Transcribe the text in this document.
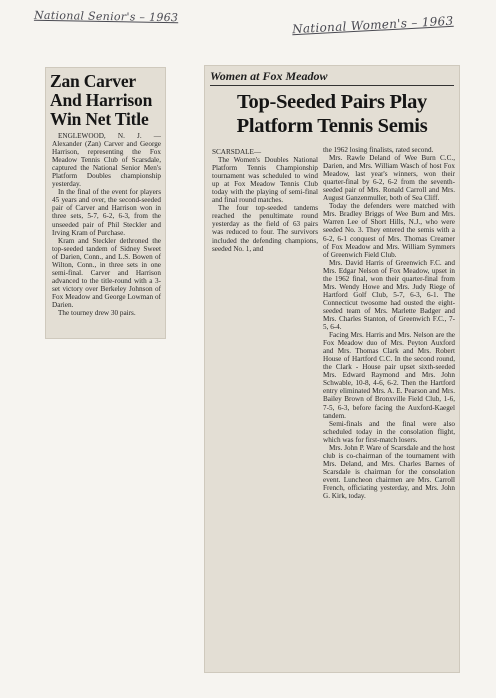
National Senior's – 1963	National Women's – 1963
Zan Carver And Harrison Win Net Title

ENGLEWOOD, N. J. — Alexander (Zan) Carver and George Harrison, representing the Fox Meadow Tennis Club of Scarsdale, captured the National Senior Men's Platform Doubles championship yesterday.

In the final of the event for players 45 years and over, the second-seeded pair of Carver and Harrison won in three sets, 5-7, 6-2, 6-3, from the unseeded pair of Phil Steckler and Irving Kram of Purchase.

Kram and Steckler dethroned the top-seeded tandem of Sidney Sweet of Darien, Conn., and L.S. Bowen of Wilton, Conn., in three sets in one semi-final. Carver and Harrison advanced to the title-round with a 3-set victory over Berkeley Johnson of Fox Meadow and George Lowman of Darien.

The tourney drew 30 pairs.

Women at Fox Meadow
Top-Seeded Pairs Play Platform Tennis Semis

SCARSDALE—

The Women's Doubles National Platform Tennis Championship tournament was scheduled to wind up at Fox Meadow Tennis Club today with the playing of semi-final and final round matches.

The four top-seeded tandems reached the penultimate round yesterday as the field of 63 pairs was reduced to four. The survivors included the defending champions, seeded No. 1, and

the 1962 losing finalists, rated second.

Mrs. Rawle Deland of Wee Burn C.C., Darien, and Mrs. William Wasch of host Fox Meadow, last year's winners, won their quarter-final by 6-2, 6-2 from the seventh-seeded pair of Mrs. Ronald Carroll and Mrs. August Ganzenmuller, both of Sea Cliff.

Today the defenders were matched with Mrs. Bradley Briggs of Wee Burn and Mrs. Warren Lee of Short Hills, N.J., who were seeded No. 3. They entered the semis with a 6-2, 6-1 conquest of Mrs. Thomas Creamer of Fox Meadow and Mrs. William Symmers of Greenwich Field Club.

Mrs. David Harris of Greenwich F.C. and Mrs. Edgar Nelson of Fox Meadow, upset in the 1962 final, won their quarter-final from Mrs. Wendy Howe and Mrs. Judy Riege of Hartford Golf Club, 5-7, 6-3, 6-1. The Connecticut twosome had ousted the eight-seeded team of Mrs. Marlette Badger and Mrs. Charles Stanton, of Greenwich F.C., 7-5, 6-4.

Facing Mrs. Harris and Mrs. Nelson are the Fox Meadow duo of Mrs. Peyton Auxford and Mrs. Thomas Clark and Mrs. Robert House of Hartford C.C. In the second round, the Clark - House pair upset sixth-seeded Mrs. Edward Raymond and Mrs. John Schwable, 10-8, 4-6, 6-2. Then the Hartford entry eliminated Mrs. A. E. Pearson and Mrs. Bailey Brown of Bronxville Field Club, 1-6, 7-5, 6-3, before facing the Auxford-Kaegel tandem.

Semi-finals and the final were also scheduled today in the consolation flight, which was for first-match losers.

Mrs. John P. Ware of Scarsdale and the host club is co-chairman of the tournament with Mrs. Deland, and Mrs. Charles Barnes of Scarsdale is chairman for the consolation event. Luncheon chairmen are Mrs. Carroll French, officiating yesterday, and Mrs. John G. Kirk, today.
